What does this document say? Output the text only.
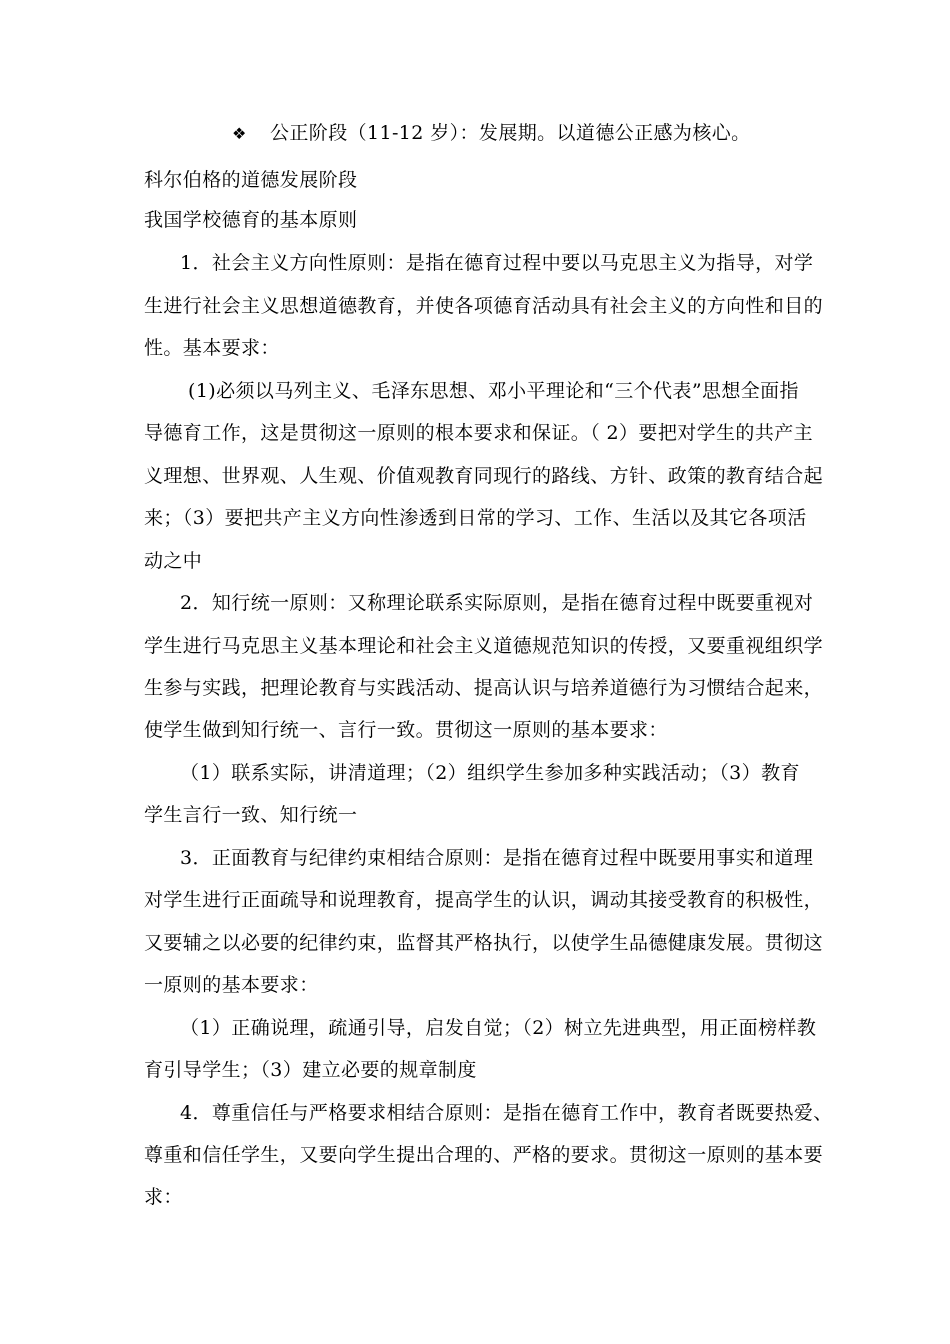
❖ 公正阶段（11-12 岁）：发展期。以道德公正感为核心。
科尔伯格的道德发展阶段
我国学校德育的基本原则
1．社会主义方向性原则：是指在德育过程中要以马克思主义为指导，对学
生进行社会主义思想道德教育，并使各项德育活动具有社会主义的方向性和目的
性。基本要求：
(1)必须以马列主义、毛泽东思想、邓小平理论和“三个代表”思想全面指
导德育工作，这是贯彻这一原则的根本要求和保证。（ 2）要把对学生的共产主
义理想、世界观、人生观、价值观教育同现行的路线、方针、政策的教育结合起
来；（3）要把共产主义方向性渗透到日常的学习、工作、生活以及其它各项活
动之中
2．知行统一原则：又称理论联系实际原则，是指在德育过程中既要重视对
学生进行马克思主义基本理论和社会主义道德规范知识的传授，又要重视组织学
生参与实践，把理论教育与实践活动、提高认识与培养道德行为习惯结合起来，
使学生做到知行统一、言行一致。贯彻这一原则的基本要求：
（1）联系实际，讲清道理；（2）组织学生参加多种实践活动；（3）教育
学生言行一致、知行统一
3．正面教育与纪律约束相结合原则：是指在德育过程中既要用事实和道理
对学生进行正面疏导和说理教育，提高学生的认识，调动其接受教育的积极性，
又要辅之以必要的纪律约束，监督其严格执行，以使学生品德健康发展。贯彻这
一原则的基本要求：
（1）正确说理，疏通引导，启发自觉；（2）树立先进典型，用正面榜样教
育引导学生；（3）建立必要的规章制度
4．尊重信任与严格要求相结合原则：是指在德育工作中，教育者既要热爱、
尊重和信任学生，又要向学生提出合理的、严格的要求。贯彻这一原则的基本要
求：
